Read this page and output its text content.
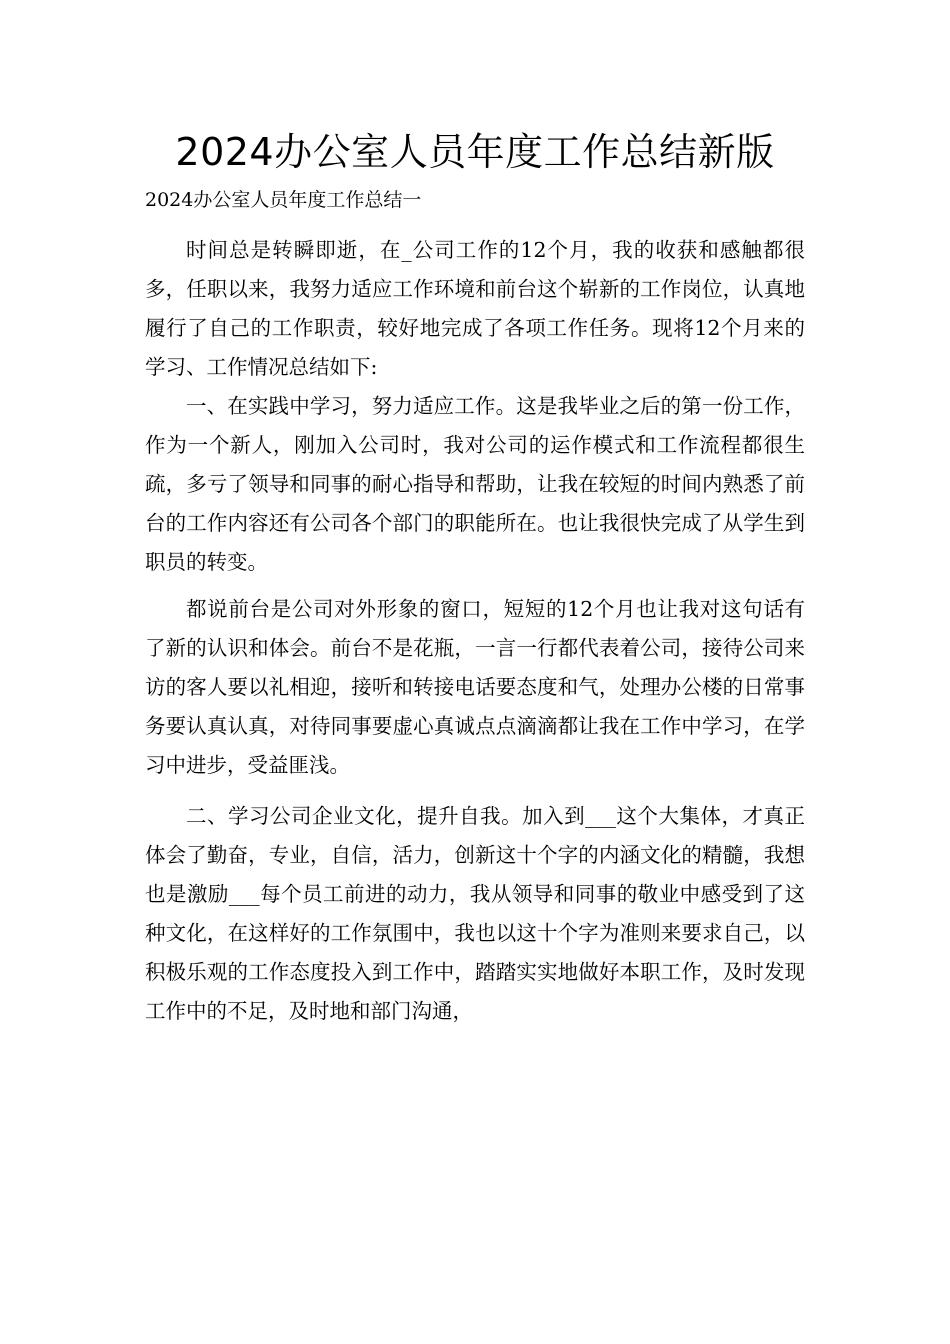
2024办公室人员年度工作总结新版

2024办公室人员年度工作总结一

时间总是转瞬即逝，在_公司工作的12个月，我的收获和感触都很多，任职以来，我努力适应工作环境和前台这个崭新的工作岗位，认真地履行了自己的工作职责，较好地完成了各项工作任务。现将12个月来的学习、工作情况总结如下:

一、在实践中学习，努力适应工作。这是我毕业之后的第一份工作，作为一个新人，刚加入公司时，我对公司的运作模式和工作流程都很生疏，多亏了领导和同事的耐心指导和帮助，让我在较短的时间内熟悉了前台的工作内容还有公司各个部门的职能所在。也让我很快完成了从学生到职员的转变。

都说前台是公司对外形象的窗口，短短的12个月也让我对这句话有了新的认识和体会。前台不是花瓶，一言一行都代表着公司，接待公司来访的客人要以礼相迎，接听和转接电话要态度和气，处理办公楼的日常事务要认真认真，对待同事要虚心真诚点点滴滴都让我在工作中学习，在学习中进步，受益匪浅。

二、学习公司企业文化，提升自我。加入到___这个大集体，才真正体会了勤奋，专业，自信，活力，创新这十个字的内涵文化的精髓，我想也是激励___每个员工前进的动力，我从领导和同事的敬业中感受到了这种文化，在这样好的工作氛围中，我也以这十个字为准则来要求自己，以积极乐观的工作态度投入到工作中，踏踏实实地做好本职工作，及时发现工作中的不足，及时地和部门沟通，
